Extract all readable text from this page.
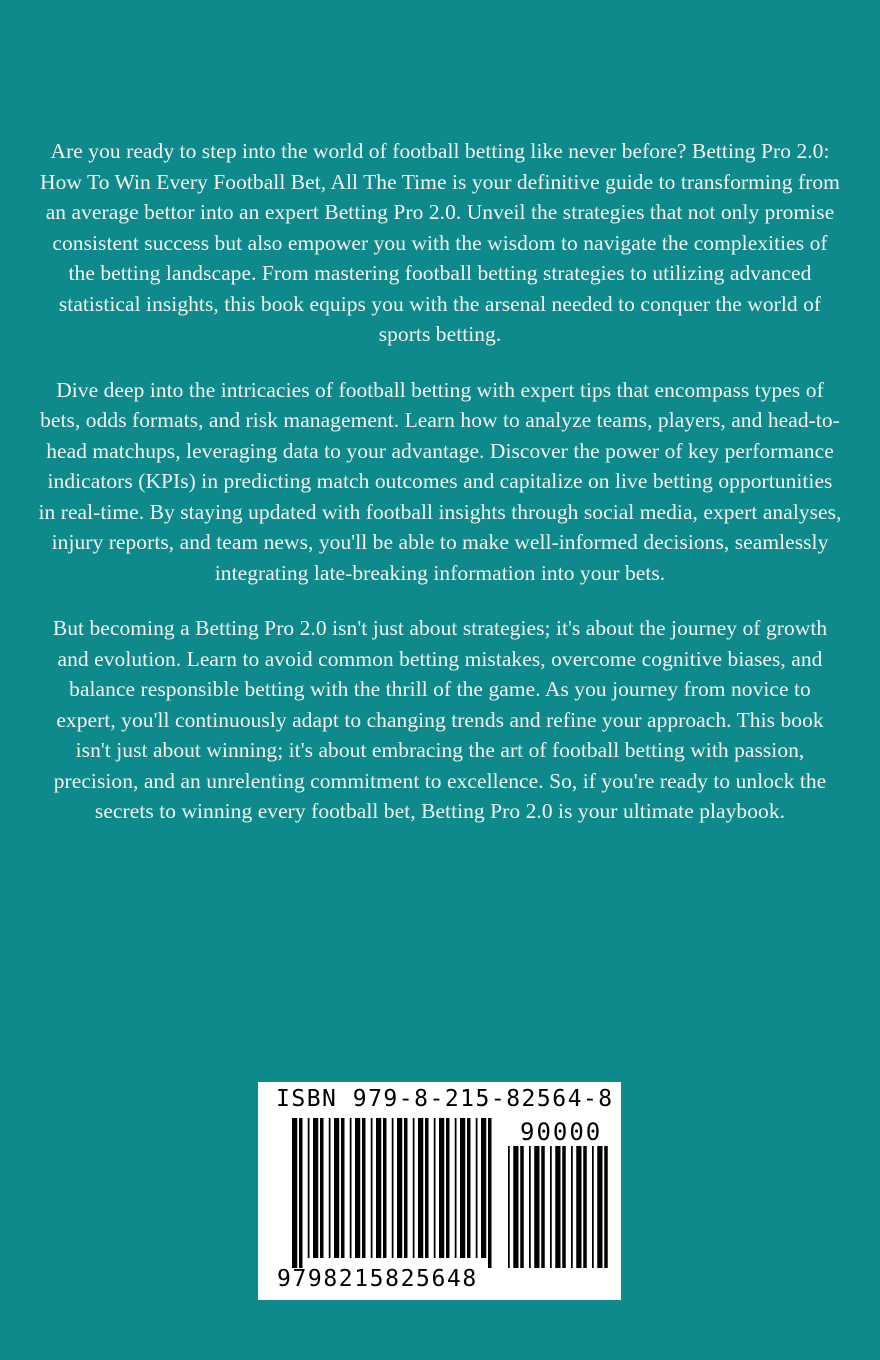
Are you ready to step into the world of football betting like never before? Betting Pro 2.0: How To Win Every Football Bet, All The Time is your definitive guide to transforming from an average bettor into an expert Betting Pro 2.0. Unveil the strategies that not only promise consistent success but also empower you with the wisdom to navigate the complexities of the betting landscape. From mastering football betting strategies to utilizing advanced statistical insights, this book equips you with the arsenal needed to conquer the world of sports betting.

Dive deep into the intricacies of football betting with expert tips that encompass types of bets, odds formats, and risk management. Learn how to analyze teams, players, and head-to-head matchups, leveraging data to your advantage. Discover the power of key performance indicators (KPIs) in predicting match outcomes and capitalize on live betting opportunities in real-time. By staying updated with football insights through social media, expert analyses, injury reports, and team news, you'll be able to make well-informed decisions, seamlessly integrating late-breaking information into your bets.

But becoming a Betting Pro 2.0 isn't just about strategies; it's about the journey of growth and evolution. Learn to avoid common betting mistakes, overcome cognitive biases, and balance responsible betting with the thrill of the game. As you journey from novice to expert, you'll continuously adapt to changing trends and refine your approach. This book isn't just about winning; it's about embracing the art of football betting with passion, precision, and an unrelenting commitment to excellence. So, if you're ready to unlock the secrets to winning every football bet, Betting Pro 2.0 is your ultimate playbook.

ISBN 979-8-215-82564-8
90000
9798215825648
